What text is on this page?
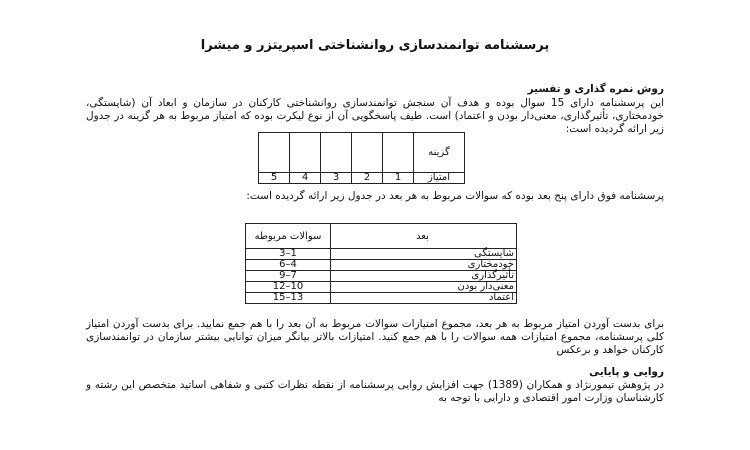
پرسشنامه توانمندسازی روانشناختی اسپریتزر و میشرا
روش نمره گذاری و تفسیر

این پرسشنامه دارای 15 سوال بوده و هدف آن سنجش توانمندسازی روانشناختی کارکنان در سازمان و ابعاد آن (شایستگی، خودمختاری، تأثیرگذاری، معنی‌دار بودن و اعتماد) است. طیف پاسخگویی آن از نوع لیکرت بوده که امتیاز مربوط به هر گزینه در جدول زیر ارائه گردیده است:

گزینه					
امتیاز	1	2	3	4	5

پرسشنامه فوق دارای پنج بعد بوده که سوالات مربوط به هر بعد در جدول زیر ارائه گردیده است:

بعد	سوالات مربوطه
شایستگی	1–3
خودمختاری	4–6
تأثیرگذاری	7–9
معنی‌دار بودن	10–12
اعتماد	13–15

برای بدست آوردن امتیاز مربوط به هر بعد، مجموع امتیازات سوالات مربوط به آن بعد را با هم جمع نمایید. برای بدست آوردن امتیاز کلی پرسشنامه، مجموع امتیازات همه سوالات را با هم جمع کنید. امتیازات بالاتر بیانگر میزان توانایی بیشتر سازمان در توانمندسازی کارکنان خواهد و برعکس

روایی و پایایی

در پژوهش تیمورنژاد و همکاران (1389) جهت افزایش روایی پرسشنامه از نقطه نظرات کتبی و شفاهی اساتید متخصص این رشته و کارشناسان وزارت امور اقتصادی و دارایی با توجه به
